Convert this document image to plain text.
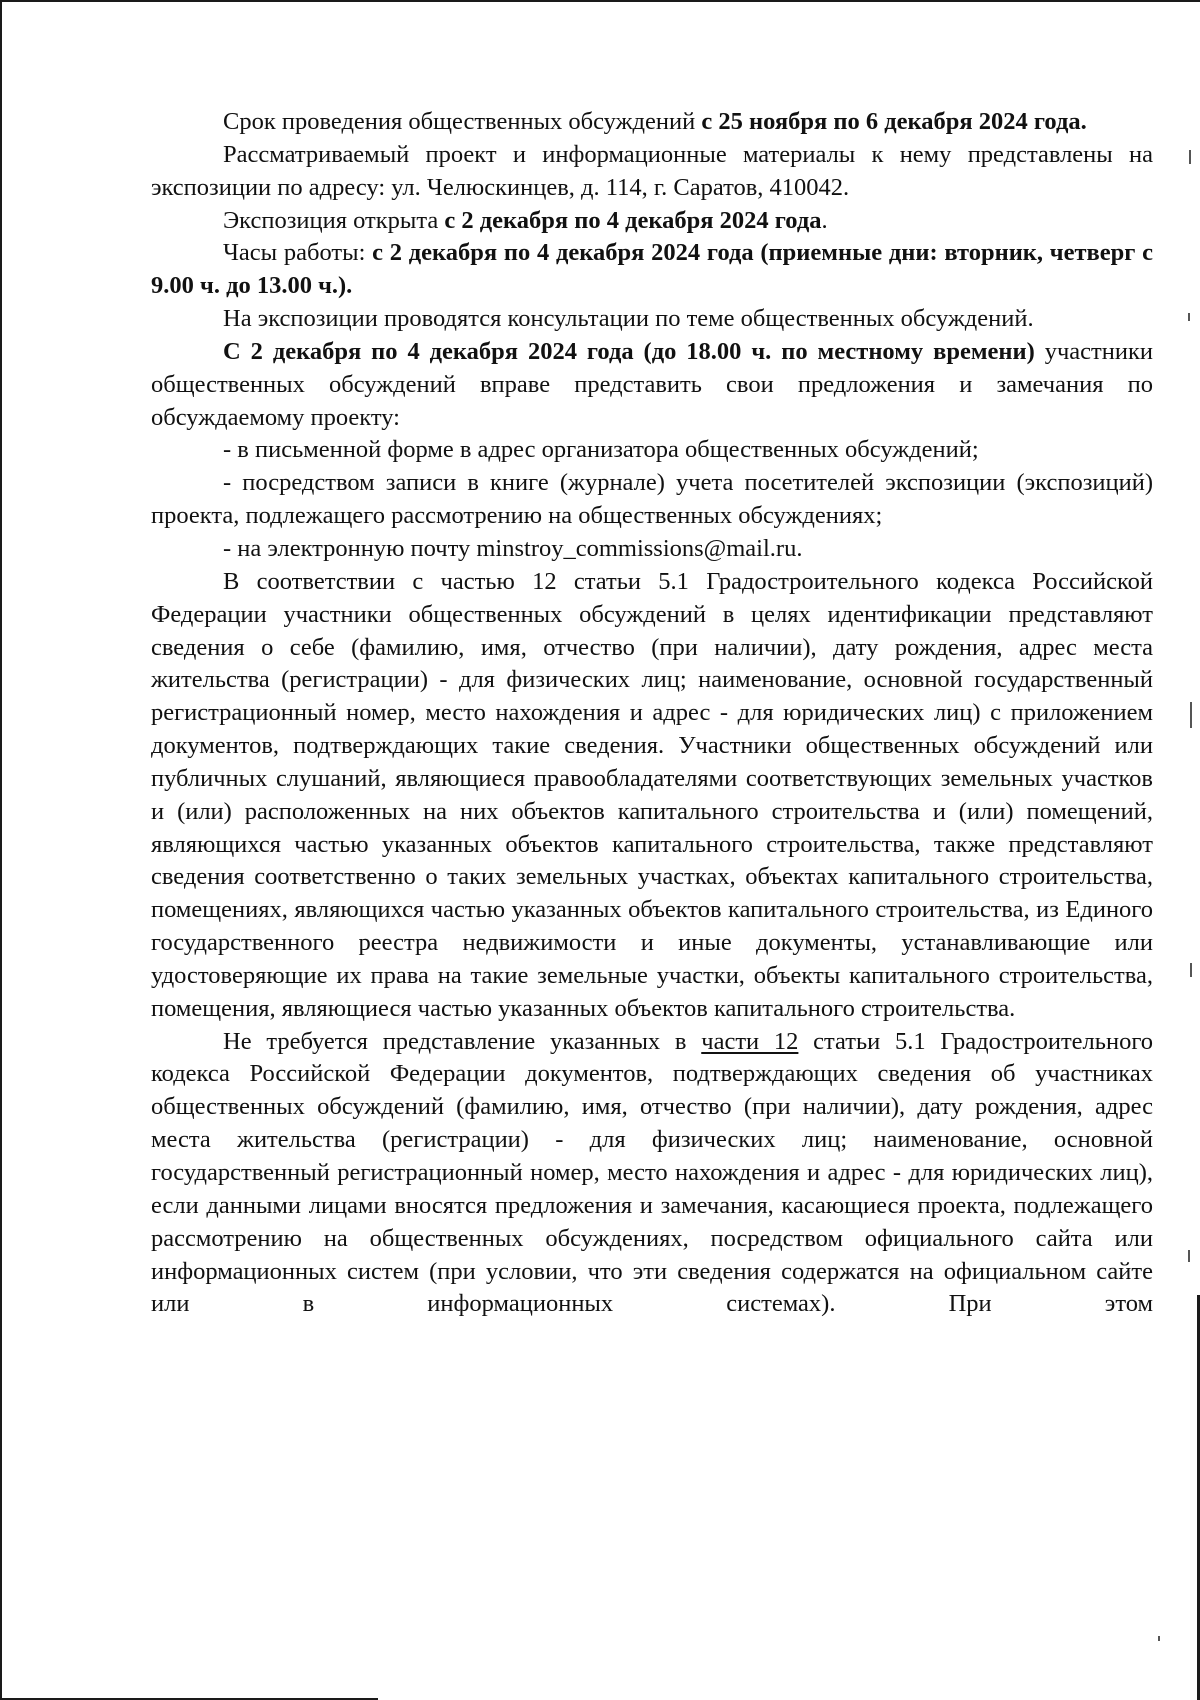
Срок проведения общественных обсуждений с 25 ноября по 6 декабря 2024 года.

Рассматриваемый проект и информационные материалы к нему представлены на экспозиции по адресу: ул. Челюскинцев, д. 114, г. Саратов, 410042.

Экспозиция открыта с 2 декабря по 4 декабря 2024 года.

Часы работы: с 2 декабря по 4 декабря 2024 года (приемные дни: вторник, четверг с 9.00 ч. до 13.00 ч.).

На экспозиции проводятся консультации по теме общественных обсуждений.

С 2 декабря по 4 декабря 2024 года (до 18.00 ч. по местному времени) участники общественных обсуждений вправе представить свои предложения и замечания по обсуждаемому проекту:

- в письменной форме в адрес организатора общественных обсуждений;

- посредством записи в книге (журнале) учета посетителей экспозиции (экспозиций) проекта, подлежащего рассмотрению на общественных обсуждениях;

- на электронную почту minstroy_commissions@mail.ru.

В соответствии с частью 12 статьи 5.1 Градостроительного кодекса Российской Федерации участники общественных обсуждений в целях идентификации представляют сведения о себе (фамилию, имя, отчество (при наличии), дату рождения, адрес места жительства (регистрации) - для физических лиц; наименование, основной государственный регистрационный номер, место нахождения и адрес - для юридических лиц) с приложением документов, подтверждающих такие сведения. Участники общественных обсуждений или публичных слушаний, являющиеся правообладателями соответствующих земельных участков и (или) расположенных на них объектов капитального строительства и (или) помещений, являющихся частью указанных объектов капитального строительства, также представляют сведения соответственно о таких земельных участках, объектах капитального строительства, помещениях, являющихся частью указанных объектов капитального строительства, из Единого государственного реестра недвижимости и иные документы, устанавливающие или удостоверяющие их права на такие земельные участки, объекты капитального строительства, помещения, являющиеся частью указанных объектов капитального строительства.

Не требуется представление указанных в части 12 статьи 5.1 Градостроительного кодекса Российской Федерации документов, подтверждающих сведения об участниках общественных обсуждений (фамилию, имя, отчество (при наличии), дату рождения, адрес места жительства (регистрации) - для физических лиц; наименование, основной государственный регистрационный номер, место нахождения и адрес - для юридических лиц), если данными лицами вносятся предложения и замечания, касающиеся проекта, подлежащего рассмотрению на общественных обсуждениях, посредством официального сайта или информационных систем (при условии, что эти сведения содержатся на официальном сайте или в информационных системах). При этом
